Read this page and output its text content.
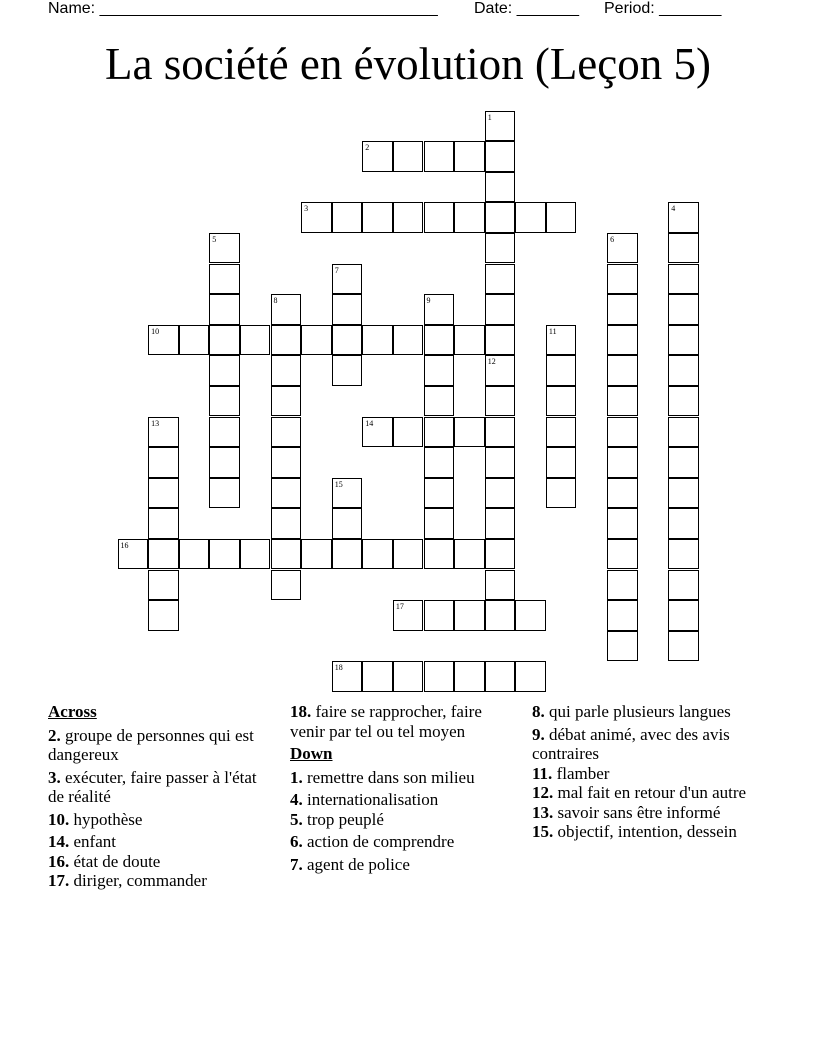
Name: ______________________________________ Date: _______ Period: _______
La société en évolution (Leçon 5)
1
12
2
3	4
5	6
7
8	9
10	11
13	14
15
16
17
18
Across
2. groupe de personnes qui est dangereux
3. exécuter, faire passer à l'état de réalité
10. hypothèse
14. enfant
16. état de doute
17. diriger, commander
18. faire se rapprocher, faire venir par tel ou tel moyen
Down
1. remettre dans son milieu
4. internationalisation
5. trop peuplé
6. action de comprendre
7. agent de police
8. qui parle plusieurs langues
9. débat animé, avec des avis contraires
11. flamber
12. mal fait en retour d'un autre
13. savoir sans être informé
15. objectif, intention, dessein
